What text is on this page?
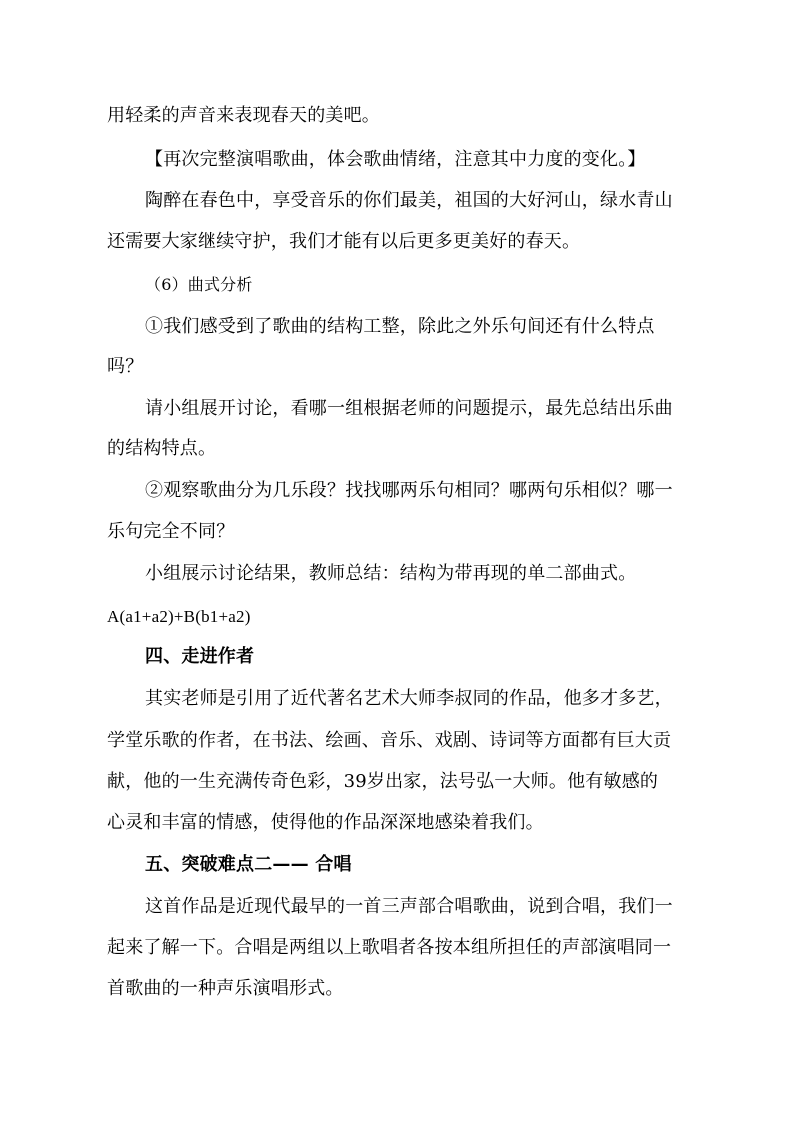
用轻柔的声音来表现春天的美吧。
【再次完整演唱歌曲，体会歌曲情绪，注意其中力度的变化。】
陶醉在春色中，享受音乐的你们最美，祖国的大好河山，绿水青山
还需要大家继续守护，我们才能有以后更多更美好的春天。
（6）曲式分析
①我们感受到了歌曲的结构工整，除此之外乐句间还有什么特点
吗？
请小组展开讨论，看哪一组根据老师的问题提示，最先总结出乐曲
的结构特点。
②观察歌曲分为几乐段？找找哪两乐句相同？哪两句乐相似？哪一
乐句完全不同？
小组展示讨论结果，教师总结：结构为带再现的单二部曲式。
A(a1+a2)+B(b1+a2)
四、走进作者
其实老师是引用了近代著名艺术大师李叔同的作品，他多才多艺，
学堂乐歌的作者，在书法、绘画、音乐、戏剧、诗词等方面都有巨大贡
献，他的一生充满传奇色彩，39岁出家，法号弘一大师。他有敏感的
心灵和丰富的情感，使得他的作品深深地感染着我们。
五、突破难点二—— 合唱
这首作品是近现代最早的一首三声部合唱歌曲，说到合唱，我们一
起来了解一下。合唱是两组以上歌唱者各按本组所担任的声部演唱同一
首歌曲的一种声乐演唱形式。
